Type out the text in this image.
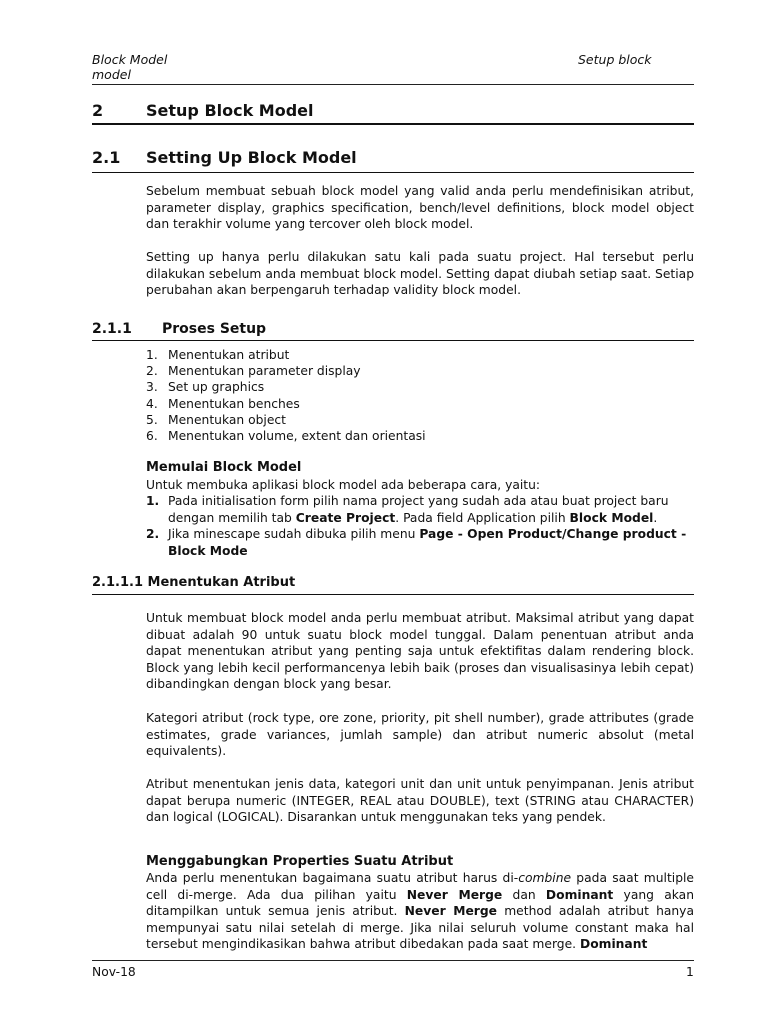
Block Model
model
Setup block
2	Setup Block Model
2.1 Setting Up Block Model
Sebelum membuat sebuah block model yang valid anda perlu mendefinisikan atribut, parameter display, graphics specification, bench/level definitions, block model object dan terakhir volume yang tercover oleh block model.
Setting up hanya perlu dilakukan satu kali pada suatu project. Hal tersebut perlu dilakukan sebelum anda membuat block model. Setting dapat diubah setiap saat. Setiap perubahan akan berpengaruh terhadap validity block model.
2.1.1 Proses Setup
1. Menentukan atribut
2. Menentukan parameter display
3. Set up graphics
4. Menentukan benches
5. Menentukan object
6. Menentukan volume, extent dan orientasi
Memulai Block Model
Untuk membuka aplikasi block model ada beberapa cara, yaitu:
1. Pada initialisation form pilih nama project yang sudah ada atau buat project baru dengan memilih tab Create Project. Pada field Application pilih Block Model.
2. Jika minescape sudah dibuka pilih menu Page - Open Product/Change product - Block Mode
2.1.1.1 Menentukan Atribut
Untuk membuat block model anda perlu membuat atribut. Maksimal atribut yang dapat dibuat adalah 90 untuk suatu block model tunggal. Dalam penentuan atribut anda dapat menentukan atribut yang penting saja untuk efektifitas dalam rendering block. Block yang lebih kecil performancenya lebih baik (proses dan visualisasinya lebih cepat) dibandingkan dengan block yang besar.
Kategori atribut (rock type, ore zone, priority, pit shell number), grade attributes (grade estimates, grade variances, jumlah sample) dan atribut numeric absolut (metal equivalents).
Atribut menentukan jenis data, kategori unit dan unit untuk penyimpanan. Jenis atribut dapat berupa numeric (INTEGER, REAL atau DOUBLE), text (STRING atau CHARACTER) dan logical (LOGICAL). Disarankan untuk menggunakan teks yang pendek.
Menggabungkan Properties Suatu Atribut
Anda perlu menentukan bagaimana suatu atribut harus di-combine pada saat multiple cell di-merge. Ada dua pilihan yaitu Never Merge dan Dominant yang akan ditampilkan untuk semua jenis atribut. Never Merge method adalah atribut hanya mempunyai satu nilai setelah di merge. Jika nilai seluruh volume constant maka hal tersebut mengindikasikan bahwa atribut dibedakan pada saat merge. Dominant
Nov-18	1
